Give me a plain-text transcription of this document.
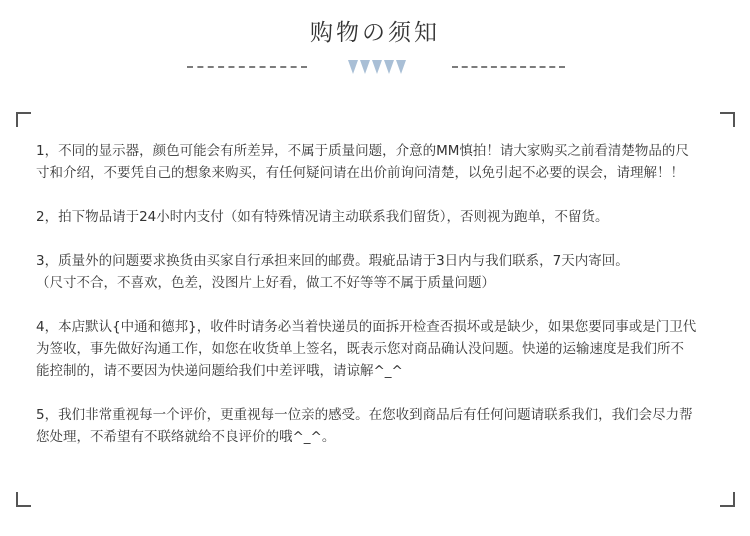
购物の须知

1，不同的显示器，颜色可能会有所差异，不属于质量问题，介意的MM慎拍！请大家购买之前看清楚物品的尺
寸和介绍，不要凭自己的想象来购买，有任何疑问请在出价前询问清楚，以免引起不必要的误会，请理解！！

2，拍下物品请于24小时内支付（如有特殊情况请主动联系我们留货），否则视为跑单，不留货。

3，质量外的问题要求换货由买家自行承担来回的邮费。瑕疵品请于3日内与我们联系，7天内寄回。
（尺寸不合，不喜欢，色差，没图片上好看，做工不好等等不属于质量问题）

4，本店默认{中通和德邦}，收件时请务必当着快递员的面拆开检查否损坏或是缺少，如果您要同事或是门卫代
为签收，事先做好沟通工作，如您在收货单上签名，既表示您对商品确认没问题。快递的运输速度是我们所不
能控制的，请不要因为快递问题给我们中差评哦，请谅解^_^

5，我们非常重视每一个评价，更重视每一位亲的感受。在您收到商品后有任何问题请联系我们，我们会尽力帮
您处理，不希望有不联络就给不良评价的哦^_^。
